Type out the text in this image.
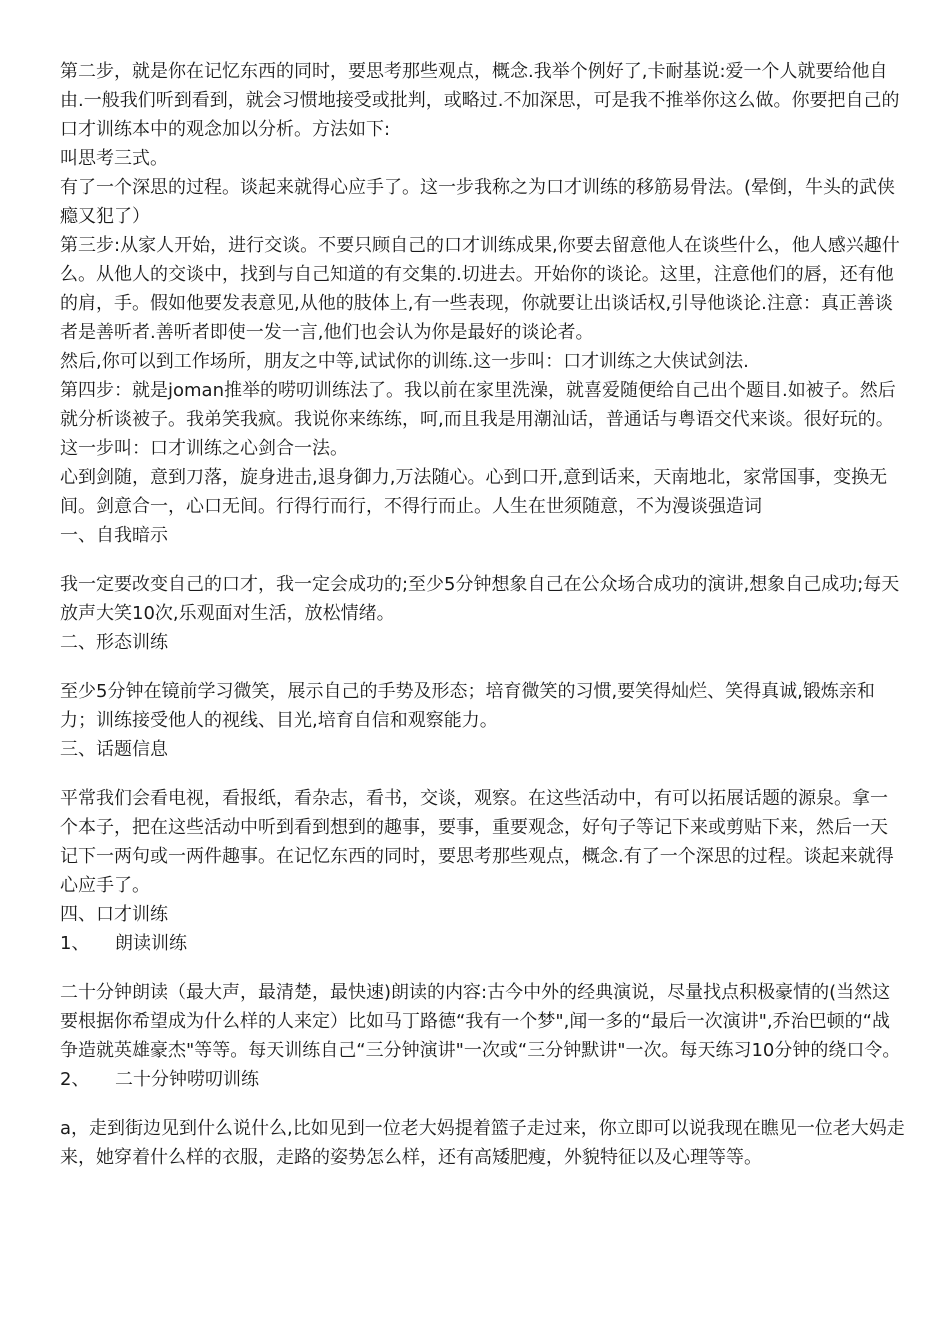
第二步，就是你在记忆东西的同时，要思考那些观点，概念.我举个例好了,卡耐基说:爱一个人就要给他自由.一般我们听到看到，就会习惯地接受或批判，或略过.不加深思，可是我不推举你这么做。你要把自己的口才训练本中的观念加以分析。方法如下:

叫思考三式。

有了一个深思的过程。谈起来就得心应手了。这一步我称之为口才训练的移筋易骨法。(晕倒，牛头的武侠瘾又犯了）

第三步:从家人开始，进行交谈。不要只顾自己的口才训练成果,你要去留意他人在谈些什么，他人感兴趣什么。从他人的交谈中，找到与自己知道的有交集的.切进去。开始你的谈论。这里，注意他们的唇，还有他的肩，手。假如他要发表意见,从他的肢体上,有一些表现，你就要让出谈话权,引导他谈论.注意：真正善谈者是善听者.善听者即使一发一言,他们也会认为你是最好的谈论者。

然后,你可以到工作场所，朋友之中等,试试你的训练.这一步叫：口才训练之大侠试剑法.

第四步：就是joman推举的唠叨训练法了。我以前在家里洗澡，就喜爱随便给自己出个题目.如被子。然后就分析谈被子。我弟笑我疯。我说你来练练，呵,而且我是用潮汕话，普通话与粤语交代来谈。很好玩的。这一步叫：口才训练之心剑合一法。

心到剑随，意到刀落，旋身进击,退身御力,万法随心。心到口开,意到话来，天南地北，家常国事，变换无间。剑意合一，心口无间。行得行而行，不得行而止。人生在世须随意，不为漫谈强造词

一、自我暗示

我一定要改变自己的口才，我一定会成功的;至少5分钟想象自己在公众场合成功的演讲,想象自己成功;每天放声大笑10次,乐观面对生活，放松情绪。

二、形态训练

至少5分钟在镜前学习微笑，展示自己的手势及形态；培育微笑的习惯,要笑得灿烂、笑得真诚,锻炼亲和力；训练接受他人的视线、目光,培育自信和观察能力。

三、话题信息

平常我们会看电视，看报纸，看杂志，看书，交谈，观察。在这些活动中，有可以拓展话题的源泉。拿一个本子，把在这些活动中听到看到想到的趣事，要事，重要观念，好句子等记下来或剪贴下来，然后一天记下一两句或一两件趣事。在记忆东西的同时，要思考那些观点，概念.有了一个深思的过程。谈起来就得心应手了。

四、口才训练

1、 朗读训练

二十分钟朗读（最大声，最清楚，最快速)朗读的内容:古今中外的经典演说，尽量找点积极豪情的(当然这要根据你希望成为什么样的人来定）比如马丁路德“我有一个梦",闻一多的“最后一次演讲",乔治巴顿的“战争造就英雄豪杰"等等。每天训练自己“三分钟演讲"一次或“三分钟默讲"一次。每天练习10分钟的绕口令。

2、 二十分钟唠叨训练

a，走到街边见到什么说什么,比如见到一位老大妈提着篮子走过来，你立即可以说我现在瞧见一位老大妈走来，她穿着什么样的衣服，走路的姿势怎么样，还有高矮肥瘦，外貌特征以及心理等等。
